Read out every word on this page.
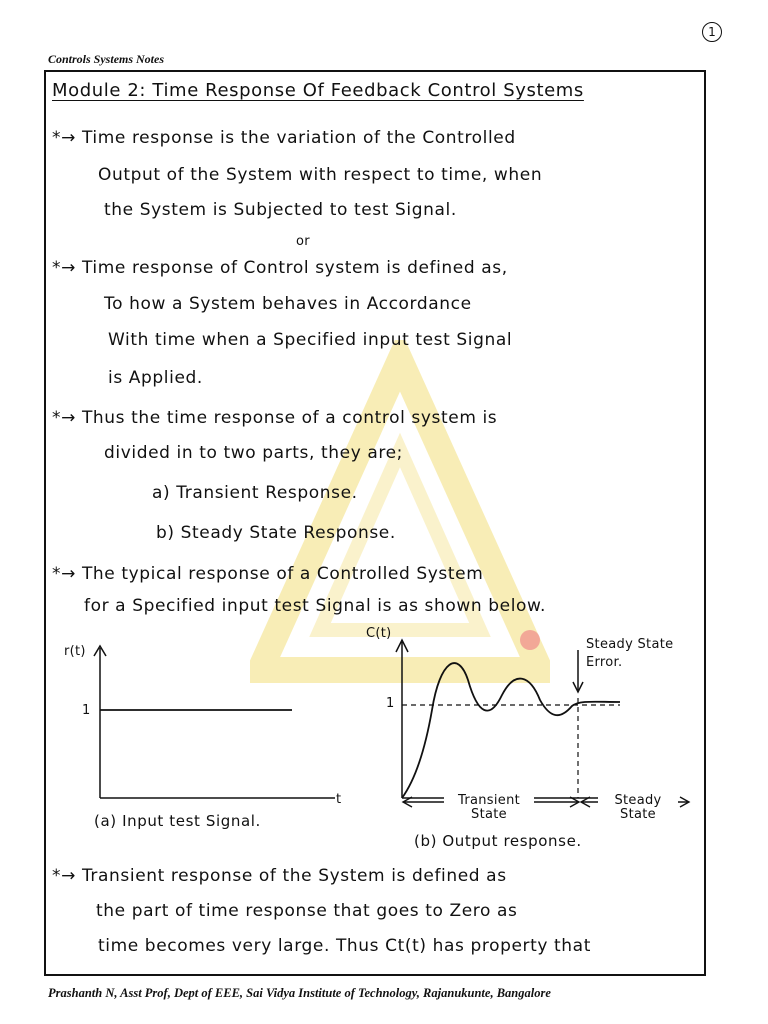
1
Controls Systems Notes
Module 2: Time Response Of Feedback Control Systems
*→ Time response is the variation of the Controlled
Output of the System with respect to time, when
the System is Subjected to test Signal.
or
*→ Time response of Control system is defined as,
To how a System behaves in Accordance
With time when a Specified input test Signal
is Applied.
*→ Thus the time response of a control system is
divided in to two parts, they are;
a) Transient Response.
b) Steady State Response.
*→ The typical response of a Controlled System
for a Specified input test Signal is as shown below.
r(t)
1
t
(a) Input test Signal.
C(t)
1
Steady State Error.
Transient State
Steady State
(b) Output response.
*→ Transient response of the System is defined as
the part of time response that goes to Zero as
time becomes very large. Thus Ct(t) has property that
Prashanth N, Asst Prof, Dept of EEE, Sai Vidya Institute of Technology, Rajanukunte, Bangalore
